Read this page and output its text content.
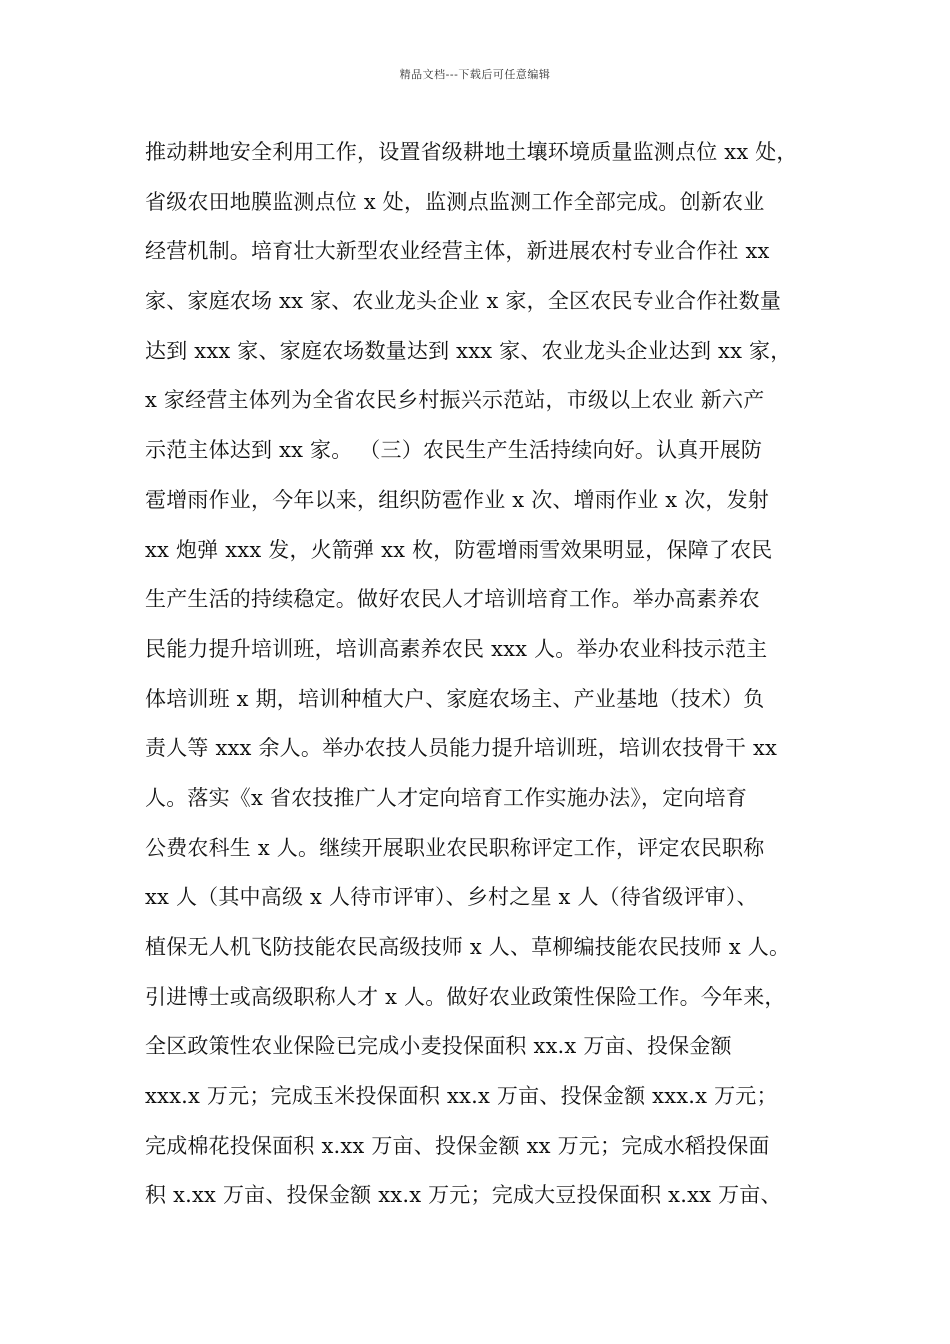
精品文档---下载后可任意编辑
推动耕地安全利用工作，设置省级耕地土壤环境质量监测点位 xx 处，
省级农田地膜监测点位 x 处，监测点监测工作全部完成。创新农业
经营机制。培育壮大新型农业经营主体，新进展农村专业合作社 xx
家、家庭农场 xx 家、农业龙头企业 x 家，全区农民专业合作社数量
达到 xxx 家、家庭农场数量达到 xxx 家、农业龙头企业达到 xx 家，
x 家经营主体列为全省农民乡村振兴示范站，市级以上农业 新六产
示范主体达到 xx 家。 （三）农民生产生活持续向好。认真开展防
雹增雨作业，今年以来，组织防雹作业 x 次、增雨作业 x 次，发射
xx 炮弹 xxx 发，火箭弹 xx 枚，防雹增雨雪效果明显，保障了农民
生产生活的持续稳定。做好农民人才培训培育工作。举办高素养农
民能力提升培训班，培训高素养农民 xxx 人。举办农业科技示范主
体培训班 x 期，培训种植大户、家庭农场主、产业基地（技术）负
责人等 xxx 余人。举办农技人员能力提升培训班，培训农技骨干 xx
人。落实《x 省农技推广人才定向培育工作实施办法》，定向培育
公费农科生 x 人。继续开展职业农民职称评定工作，评定农民职称
xx 人（其中高级 x 人待市评审）、乡村之星 x 人（待省级评审）、
植保无人机飞防技能农民高级技师 x 人、草柳编技能农民技师 x 人。
引进博士或高级职称人才 x 人。做好农业政策性保险工作。今年来，
全区政策性农业保险已完成小麦投保面积 xx.x 万亩、投保金额
xxx.x 万元；完成玉米投保面积 xx.x 万亩、投保金额 xxx.x 万元；
完成棉花投保面积 x.xx 万亩、投保金额 xx 万元；完成水稻投保面
积 x.xx 万亩、投保金额 xx.x 万元；完成大豆投保面积 x.xx 万亩、
